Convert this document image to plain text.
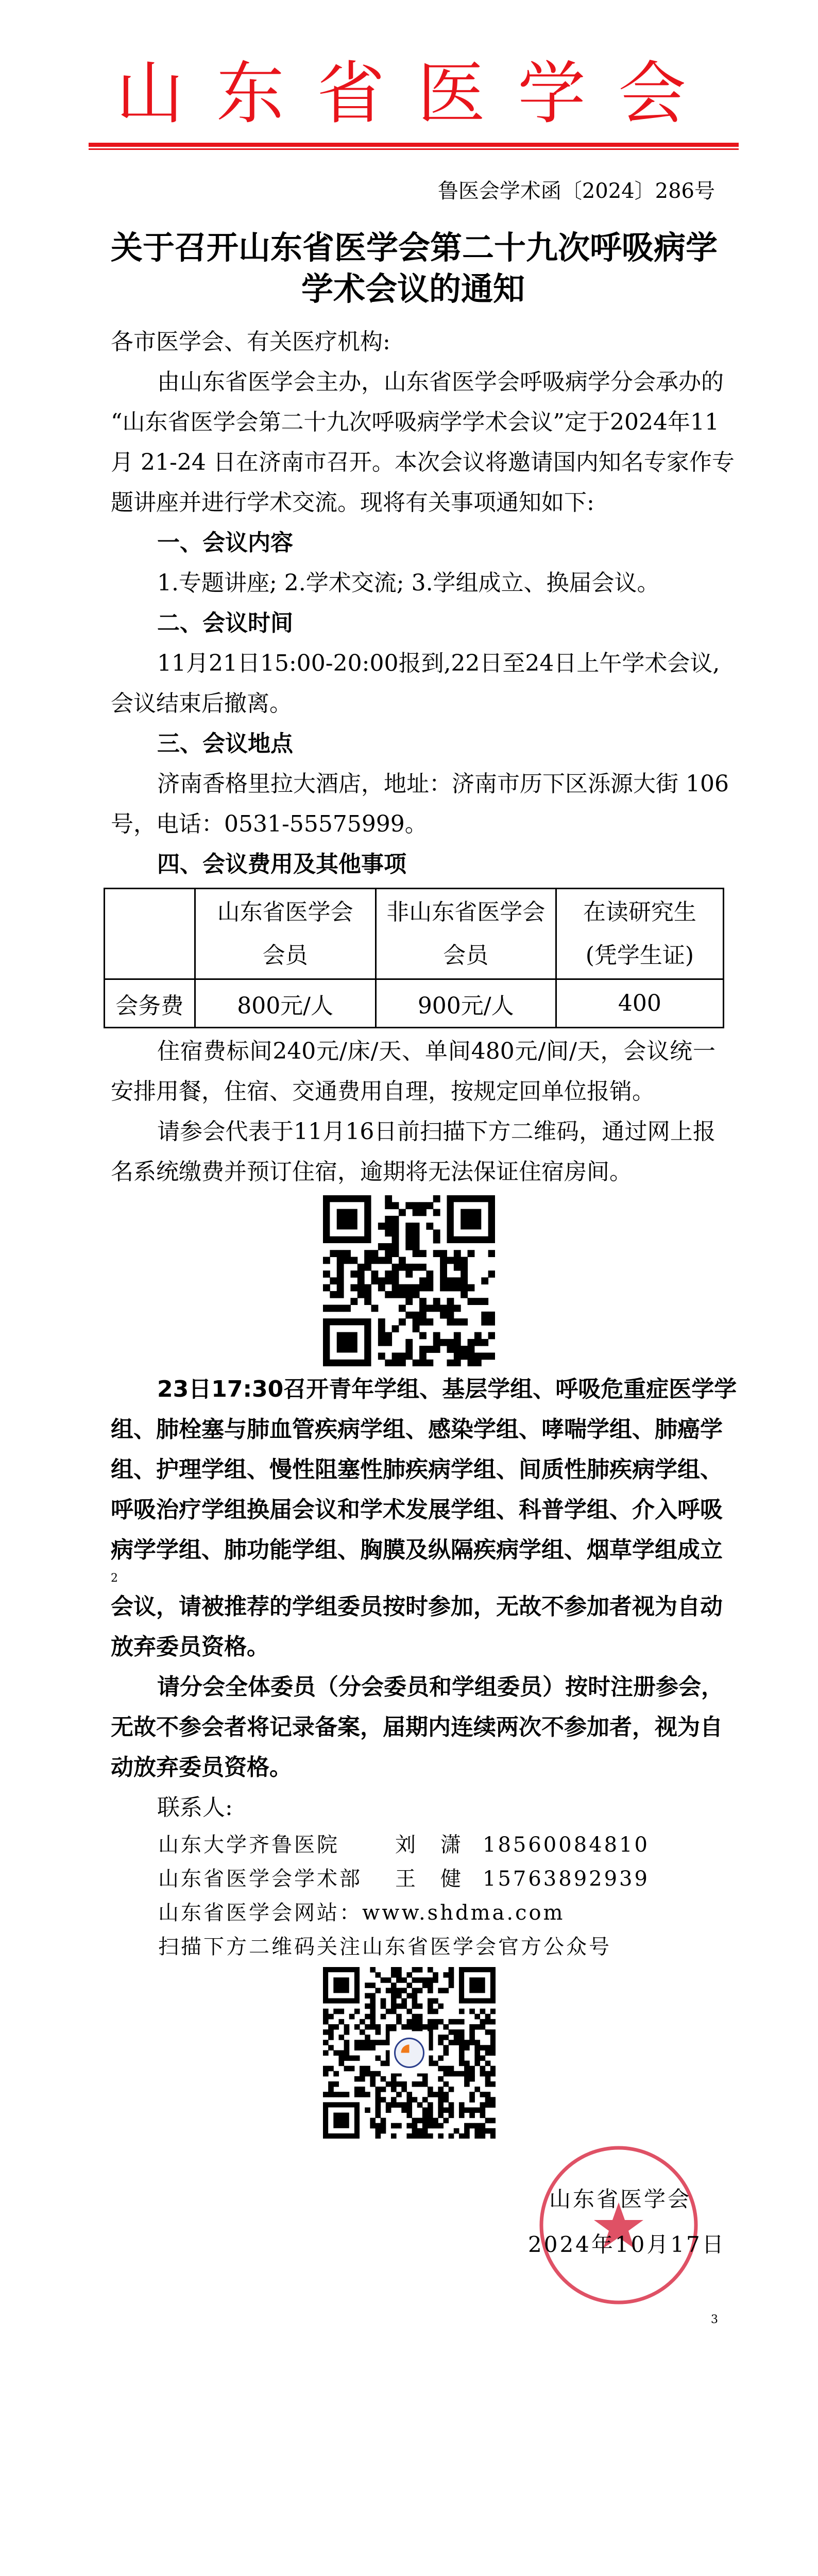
山东省医学会
鲁医会学术函〔2024〕286号
关于召开山东省医学会第二十九次呼吸病学
学术会议的通知
各市医学会、有关医疗机构:
由山东省医学会主办，山东省医学会呼吸病学分会承办的
“山东省医学会第二十九次呼吸病学学术会议”定于2024年11
月 21-24 日在济南市召开。本次会议将邀请国内知名专家作专
题讲座并进行学术交流。现将有关事项通知如下:
一、会议内容
1.专题讲座; 2.学术交流; 3.学组成立、换届会议。
二、会议时间
11月21日15:00-20:00报到,22日至24日上午学术会议,
会议结束后撤离。
三、会议地点
济南香格里拉大酒店，地址：济南市历下区泺源大街 106
号，电话：0531-55575999。
四、会议费用及其他事项

	山东省医学会
会员	非山东省医学会
会员	在读研究生
(凭学生证)

会务费	800元/人	900元/人	400
住宿费标间240元/床/天、单间480元/间/天，会议统一
安排用餐，住宿、交通费用自理，按规定回单位报销。
请参会代表于11月16日前扫描下方二维码，通过网上报
名系统缴费并预订住宿，逾期将无法保证住宿房间。
23日17:30召开青年学组、基层学组、呼吸危重症医学学
组、肺栓塞与肺血管疾病学组、感染学组、哮喘学组、肺癌学
组、护理学组、慢性阻塞性肺疾病学组、间质性肺疾病学组、
呼吸治疗学组换届会议和学术发展学组、科普学组、介入呼吸
病学学组、肺功能学组、胸膜及纵隔疾病学组、烟草学组成立
2
会议，请被推荐的学组委员按时参加，无故不参加者视为自动
放弃委员资格。
请分会全体委员（分会委员和学组委员）按时注册参会，
无故不参会者将记录备案，届期内连续两次不参加者，视为自
动放弃委员资格。
联系人:
山东大学齐鲁医院	刘　潇 18560084810
山东省医学会学术部 王　健 15763892939
山东省医学会网站：www.shdma.com
扫描下方二维码关注山东省医学会官方公众号
山东省医学会
2024年10月17日
3
